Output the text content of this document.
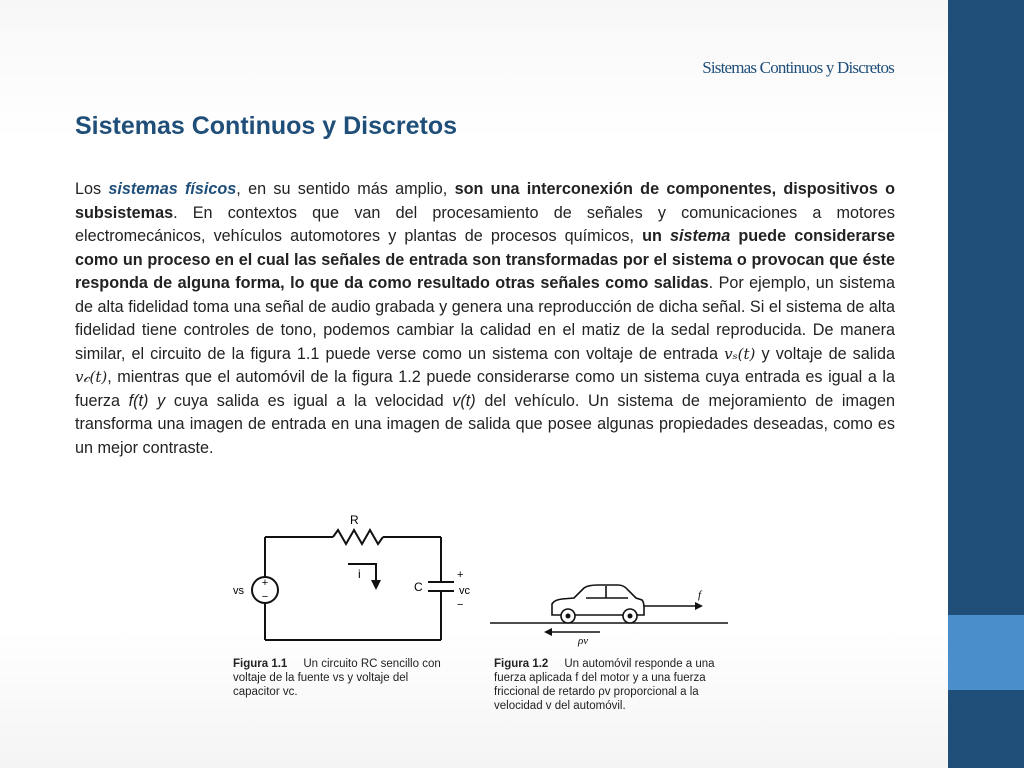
Sistemas Continuos y Discretos
Sistemas Continuos y Discretos
Los sistemas físicos, en su sentido más amplio, son una interconexión de componentes, dispositivos o subsistemas. En contextos que van del procesamiento de señales y comunicaciones a motores electromecánicos, vehículos automotores y plantas de procesos químicos, un sistema puede considerarse como un proceso en el cual las señales de entrada son transformadas por el sistema o provocan que éste responda de alguna forma, lo que da como resultado otras señales como salidas. Por ejemplo, un sistema de alta fidelidad toma una señal de audio grabada y genera una reproducción de dicha señal. Si el sistema de alta fidelidad tiene controles de tono, podemos cambiar la calidad en el matiz de la sedal reproducida. De manera similar, el circuito de la figura 1.1 puede verse como un sistema con voltaje de entrada vₛ(t) y voltaje de salida v𝒸(t), mientras que el automóvil de la figura 1.2 puede considerarse como un sistema cuya entrada es igual a la fuerza f(t) y cuya salida es igual a la velocidad v(t) del vehículo. Un sistema de mejoramiento de imagen transforma una imagen de entrada en una imagen de salida que posee algunas propiedades deseadas, como es un mejor contraste.
+
−
R
i
C
vs
+
vc
−
f
ρv
Figura 1.1 Un circuito RC sencillo con voltaje de la fuente vs y voltaje del capacitor vc.
Figura 1.2 Un automóvil responde a una fuerza aplicada f del motor y a una fuerza friccional de retardo ρv proporcional a la velocidad v del automóvil.
